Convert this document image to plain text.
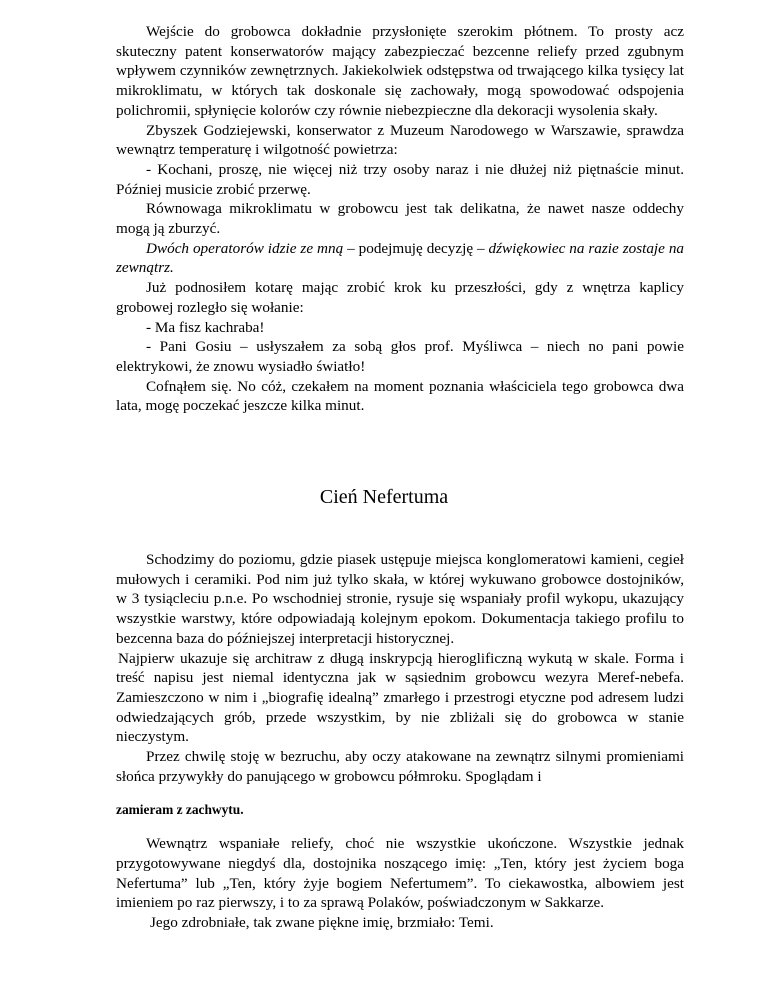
Wejście do grobowca dokładnie przysłonięte szerokim płótnem. To prosty acz skuteczny patent konserwatorów mający zabezpieczać bezcenne reliefy przed zgubnym wpływem czynników zewnętrznych. Jakiekolwiek odstępstwa od trwającego kilka tysięcy lat mikroklimatu, w których tak doskonale się zachowały, mogą spowodować odspojenia polichromii, spłynięcie kolorów czy równie niebezpieczne dla dekoracji wysolenia skały.

Zbyszek Godziejewski, konserwator z Muzeum Narodowego w Warszawie, sprawdza wewnątrz temperaturę i wilgotność powietrza:

- Kochani, proszę, nie więcej niż trzy osoby naraz i nie dłużej niż piętnaście minut. Później musicie zrobić przerwę.

Równowaga mikroklimatu w grobowcu jest tak delikatna, że nawet nasze oddechy mogą ją zburzyć.

Dwóch operatorów idzie ze mną – podejmuję decyzję – dźwiękowiec na razie zostaje na zewnątrz.

Już podnosiłem kotarę mając zrobić krok ku przeszłości, gdy z wnętrza kaplicy grobowej rozległo się wołanie:

- Ma fisz kachraba!

- Pani Gosiu – usłyszałem za sobą głos prof. Myśliwca – niech no pani powie elektrykowi, że znowu wysiadło światło!

Cofnąłem się. No cóż, czekałem na moment poznania właściciela tego grobowca dwa lata, mogę poczekać jeszcze kilka minut.

Cień Nefertuma

Schodzimy do poziomu, gdzie piasek ustępuje miejsca konglomeratowi kamieni, cegieł mułowych i ceramiki. Pod nim już tylko skała, w której wykuwano grobowce dostojników, w 3 tysiącleciu p.n.e. Po wschodniej stronie, rysuje się wspaniały profil wykopu, ukazujący wszystkie warstwy, które odpowiadają kolejnym epokom. Dokumentacja takiego profilu to bezcenna baza do późniejszej interpretacji historycznej.

Najpierw ukazuje się architraw z długą inskrypcją hieroglificzną wykutą w skale. Forma i treść napisu jest niemal identyczna jak w sąsiednim grobowcu wezyra Meref-nebefa. Zamieszczono w nim i „biografię idealną” zmarłego i przestrogi etyczne pod adresem ludzi odwiedzających grób, przede wszystkim, by nie zbliżali się do grobowca w stanie nieczystym.

Przez chwilę stoję w bezruchu, aby oczy atakowane na zewnątrz silnymi promieniami słońca przywykły do panującego w grobowcu półmroku. Spoglądam i

zamieram z zachwytu.

Wewnątrz wspaniałe reliefy, choć nie wszystkie ukończone. Wszystkie jednak przygotowywane niegdyś dla, dostojnika noszącego imię: „Ten, który jest życiem boga Nefertuma” lub „Ten, który żyje bogiem Nefertumem”. To ciekawostka, albowiem jest imieniem po raz pierwszy, i to za sprawą Polaków, poświadczonym w Sakkarze.

Jego zdrobniałe, tak zwane piękne imię, brzmiało: Temi.
